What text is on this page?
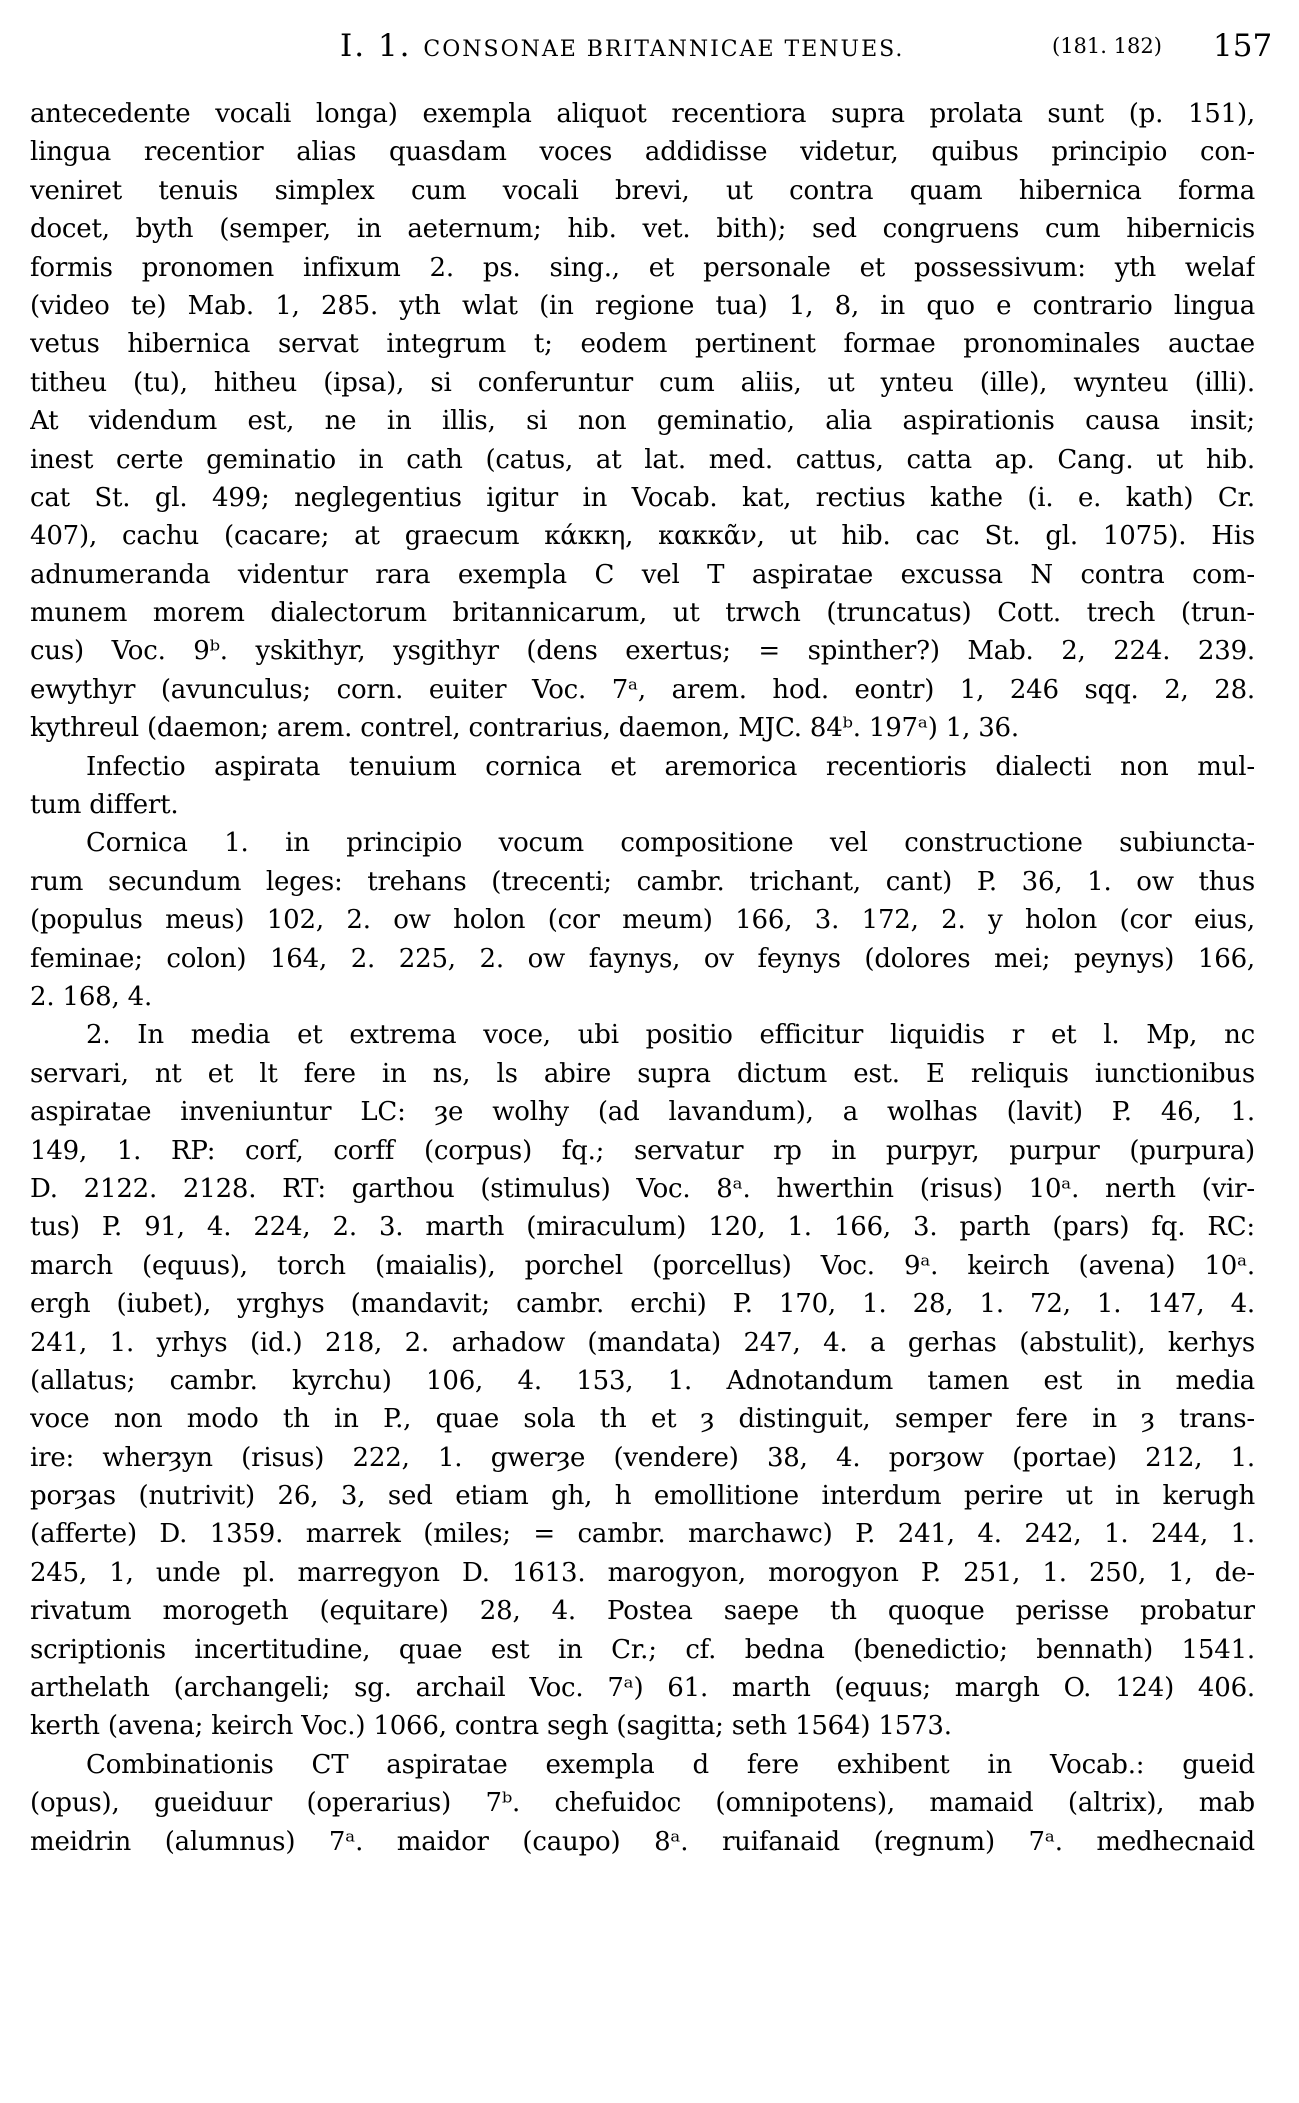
I. 1. CONSONAE BRITANNICAE TENUES.	(181. 182) 157
antecedente vocali longa) exempla aliquot recentiora supra prolata sunt (p. 151),
lingua recentior alias quasdam voces addidisse videtur, quibus principio con-
veniret tenuis simplex cum vocali brevi, ut contra quam hibernica forma
docet, byth (semper, in aeternum; hib. vet. bith); sed congruens cum hibernicis
formis pronomen infixum 2. ps. sing., et personale et possessivum: yth welaf
(video te) Mab. 1, 285. yth wlat (in regione tua) 1, 8, in quo e contrario lingua
vetus hibernica servat integrum t; eodem pertinent formae pronominales auctae
titheu (tu), hitheu (ipsa), si conferuntur cum aliis, ut ynteu (ille), wynteu (illi).
At videndum est, ne in illis, si non geminatio, alia aspirationis causa insit;
inest certe geminatio in cath (catus, at lat. med. cattus, catta ap. Cang. ut hib.
cat St. gl. 499; neglegentius igitur in Vocab. kat, rectius kathe (i. e. kath) Cr.
407), cachu (cacare; at graecum κάκκη, κακκᾶν, ut hib. cac St. gl. 1075). His
adnumeranda videntur rara exempla C vel T aspiratae excussa N contra com-
munem morem dialectorum britannicarum, ut trwch (truncatus) Cott. trech (trun-
cus) Voc. 9ᵇ. yskithyr, ysgithyr (dens exertus; = spinther?) Mab. 2, 224. 239.
ewythyr (avunculus; corn. euiter Voc. 7ᵃ, arem. hod. eontr) 1, 246 sqq. 2, 28.
kythreul (daemon; arem. contrel, contrarius, daemon, MJC. 84ᵇ. 197ᵃ) 1, 36.
Infectio aspirata tenuium cornica et aremorica recentioris dialecti non mul-
tum differt.
Cornica 1. in principio vocum compositione vel constructione subiuncta-
rum secundum leges: trehans (trecenti; cambr. trichant, cant) P. 36, 1. ow thus
(populus meus) 102, 2. ow holon (cor meum) 166, 3. 172, 2. y holon (cor eius,
feminae; colon) 164, 2. 225, 2. ow faynys, ov feynys (dolores mei; peynys) 166,
2. 168, 4.
2. In media et extrema voce, ubi positio efficitur liquidis r et l. Mp, nc
servari, nt et lt fere in ns, ls abire supra dictum est. E reliquis iunctionibus
aspiratae inveniuntur LC: ȝe wolhy (ad lavandum), a wolhas (lavit) P. 46, 1.
149, 1. RP: corf, corff (corpus) fq.; servatur rp in purpyr, purpur (purpura)
D. 2122. 2128. RT: garthou (stimulus) Voc. 8ᵃ. hwerthin (risus) 10ᵃ. nerth (vir-
tus) P. 91, 4. 224, 2. 3. marth (miraculum) 120, 1. 166, 3. parth (pars) fq. RC:
march (equus), torch (maialis), porchel (porcellus) Voc. 9ᵃ. keirch (avena) 10ᵃ.
ergh (iubet), yrghys (mandavit; cambr. erchi) P. 170, 1. 28, 1. 72, 1. 147, 4.
241, 1. yrhys (id.) 218, 2. arhadow (mandata) 247, 4. a gerhas (abstulit), kerhys
(allatus; cambr. kyrchu) 106, 4. 153, 1. Adnotandum tamen est in media
voce non modo th in P., quae sola th et ȝ distinguit, semper fere in ȝ trans-
ire: wherȝyn (risus) 222, 1. gwerȝe (vendere) 38, 4. porȝow (portae) 212, 1.
porȝas (nutrivit) 26, 3, sed etiam gh, h emollitione interdum perire ut in kerugh
(afferte) D. 1359. marrek (miles; = cambr. marchawc) P. 241, 4. 242, 1. 244, 1.
245, 1, unde pl. marregyon D. 1613. marogyon, morogyon P. 251, 1. 250, 1, de-
rivatum morogeth (equitare) 28, 4. Postea saepe th quoque perisse probatur
scriptionis incertitudine, quae est in Cr.; cf. bedna (benedictio; bennath) 1541.
arthelath (archangeli; sg. archail Voc. 7ᵃ) 61. marth (equus; margh O. 124) 406.
kerth (avena; keirch Voc.) 1066, contra segh (sagitta; seth 1564) 1573.
Combinationis CT aspiratae exempla d fere exhibent in Vocab.: gueid
(opus), gueiduur (operarius) 7ᵇ. chefuidoc (omnipotens), mamaid (altrix), mab
meidrin (alumnus) 7ᵃ. maidor (caupo) 8ᵃ. ruifanaid (regnum) 7ᵃ. medhecnaid
